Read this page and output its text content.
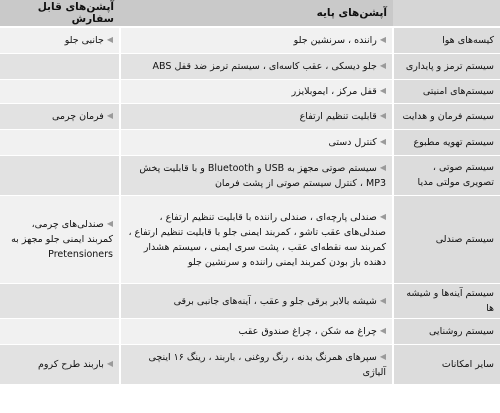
	آپشن‌های پایه	آپشن‌های قابل سفارش
کیسه‌های هوا	◀راننده ، سرنشین جلو	◀جانبی جلو
سیستم ترمز و پایداری	◀جلو دیسکی ، عقب کاسه‌ای ، سیستم ترمز ضد قفل ABS	
سیستم‌های امنیتی	◀قفل مرکز ، ایموبلایزر	
سیستم فرمان و هدایت	◀قابلیت تنظیم ارتفاع	◀فرمان چرمی
سیستم تهویه مطبوع	◀کنترل دستی	
سیستم صوتی ، تصویری مولتی مدیا	◀سیستم صوتی مجهز به USB و Bluetooth و با قابلیت پخش MP3 ، کنترل سیستم صوتی از پشت فرمان	
سیستم صندلی	◀صندلی پارچه‌ای ، صندلی راننده با قابلیت تنظیم ارتفاع ، صندلی‌های عقب تاشو ، کمربند ایمنی جلو با قابلیت تنظیم ارتفاع ، کمربند سه نقطه‌ای عقب ، پشت سری ایمنی ، سیستم هشدار دهنده باز بودن کمربند ایمنی راننده و سرنشین جلو	◀صندلی‌های چرمی، کمربند ایمنی جلو مجهز به Pretensioners
سیستم آینه‌ها و شیشه ها	◀شیشه بالابر برقی جلو و عقب ، آینه‌های جانبی برقی	
سیستم روشنایی	◀چراغ مه شکن ، چراغ صندوق عقب	
سایر امکانات	◀سپرهای همرنگ بدنه ، رنگ روغنی ، باربند ، رینگ ۱۶ اینچی آلیاژی	◀باربند طرح کروم
